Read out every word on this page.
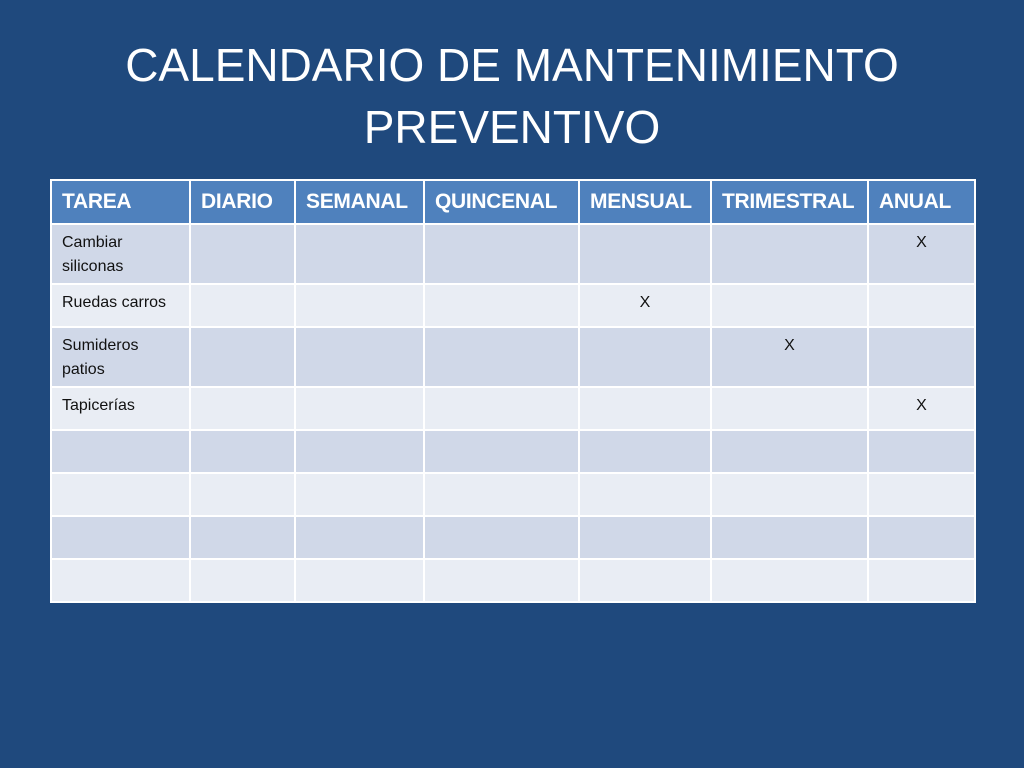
CALENDARIO DE MANTENIMIENTO
PREVENTIVO
TAREA	DIARIO	SEMANAL	QUINCENAL	MENSUAL	TRIMESTRAL	ANUAL
Cambiar siliconas						X
Ruedas carros				X		
Sumideros patios					X	
Tapicerías						X
